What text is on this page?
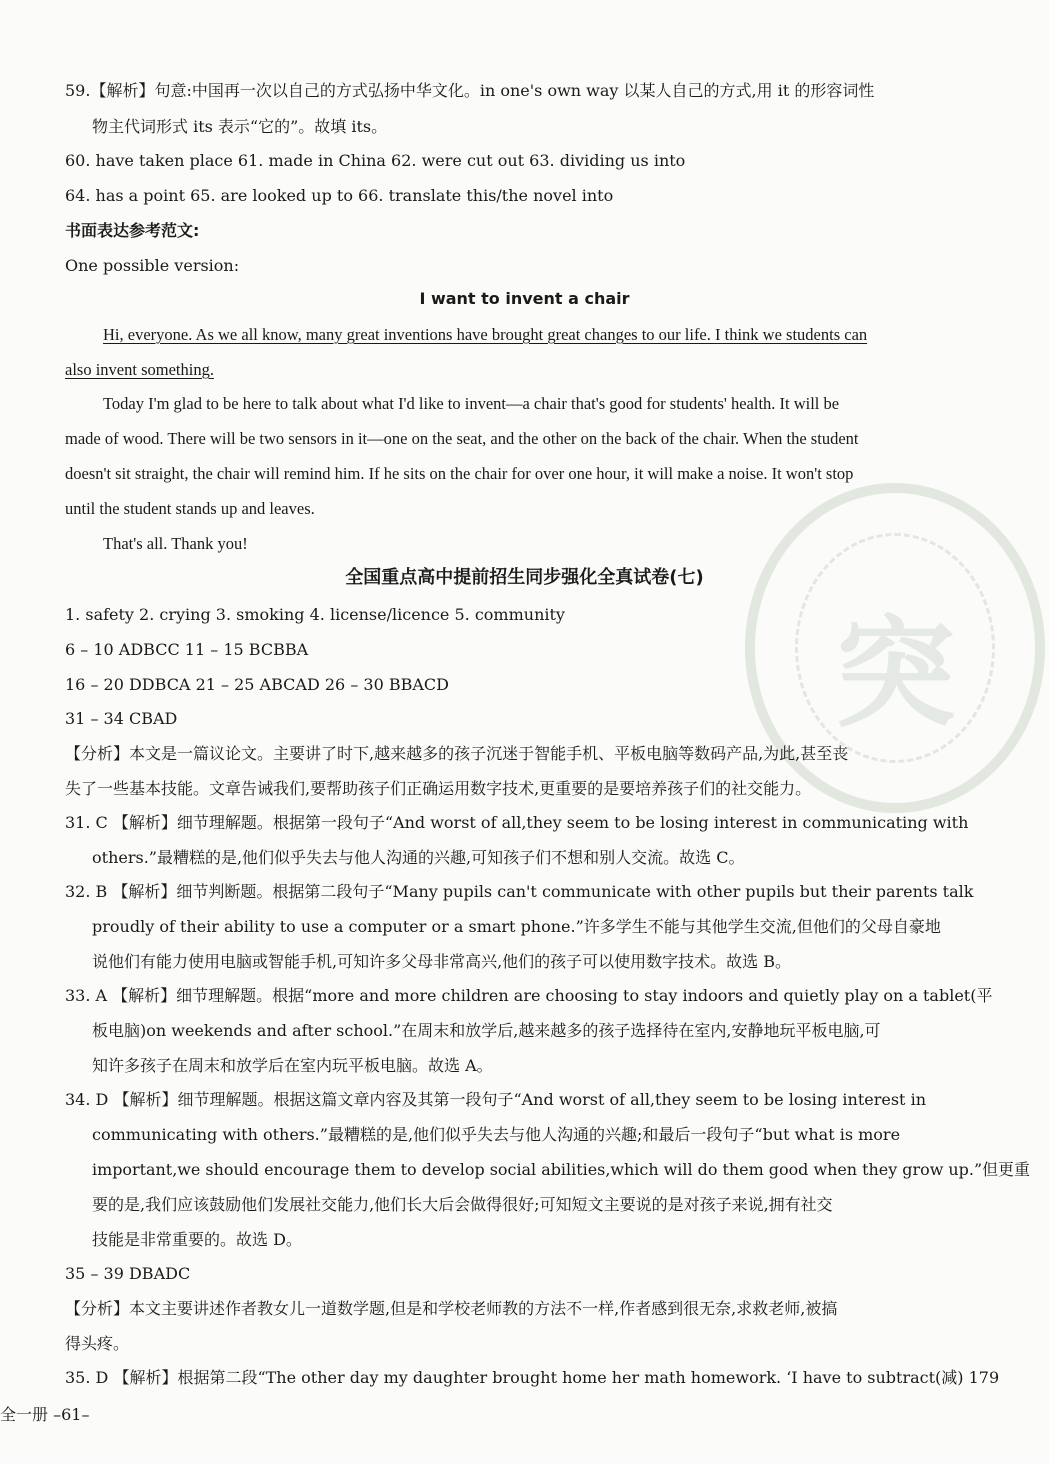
突
59.【解析】句意:中国再一次以自己的方式弘扬中华文化。in one's own way 以某人自己的方式,用 it 的形容词性
物主代词形式 its 表示“它的”。故填 its。
60. have taken place 61. made in China 62. were cut out 63. dividing us into
64. has a point 65. are looked up to 66. translate this/the novel into
书面表达参考范文:
One possible version:
I want to invent a chair
Hi, everyone. As we all know, many great inventions have brought great changes to our life. I think we students can
also invent something.
Today I'm glad to be here to talk about what I'd like to invent—a chair that's good for students' health. It will be
made of wood. There will be two sensors in it—one on the seat, and the other on the back of the chair. When the student
doesn't sit straight, the chair will remind him. If he sits on the chair for over one hour, it will make a noise. It won't stop
until the student stands up and leaves.
That's all. Thank you!
全国重点高中提前招生同步强化全真试卷(七)
1. safety 2. crying 3. smoking 4. license/licence 5. community
6 – 10 ADBCC 11 – 15 BCBBA
16 – 20 DDBCA 21 – 25 ABCAD 26 – 30 BBACD
31 – 34 CBAD
【分析】本文是一篇议论文。主要讲了时下,越来越多的孩子沉迷于智能手机、平板电脑等数码产品,为此,甚至丧
失了一些基本技能。文章告诫我们,要帮助孩子们正确运用数字技术,更重要的是要培养孩子们的社交能力。
31. C 【解析】细节理解题。根据第一段句子“And worst of all,they seem to be losing interest in communicating with
others.”最糟糕的是,他们似乎失去与他人沟通的兴趣,可知孩子们不想和别人交流。故选 C。
32. B 【解析】细节判断题。根据第二段句子“Many pupils can't communicate with other pupils but their parents talk
proudly of their ability to use a computer or a smart phone.”许多学生不能与其他学生交流,但他们的父母自豪地
说他们有能力使用电脑或智能手机,可知许多父母非常高兴,他们的孩子可以使用数字技术。故选 B。
33. A 【解析】细节理解题。根据“more and more children are choosing to stay indoors and quietly play on a tablet(平
板电脑)on weekends and after school.”在周末和放学后,越来越多的孩子选择待在室内,安静地玩平板电脑,可
知许多孩子在周末和放学后在室内玩平板电脑。故选 A。
34. D 【解析】细节理解题。根据这篇文章内容及其第一段句子“And worst of all,they seem to be losing interest in
communicating with others.”最糟糕的是,他们似乎失去与他人沟通的兴趣;和最后一段句子“but what is more
important,we should encourage them to develop social abilities,which will do them good when they grow up.”但更重
要的是,我们应该鼓励他们发展社交能力,他们长大后会做得很好;可知短文主要说的是对孩子来说,拥有社交
技能是非常重要的。故选 D。
35 – 39 DBADC
【分析】本文主要讲述作者教女儿一道数学题,但是和学校老师教的方法不一样,作者感到很无奈,求救老师,被搞
得头疼。
35. D 【解析】根据第二段“The other day my daughter brought home her math homework. ‘I have to subtract(减) 179
全一册 –61–
